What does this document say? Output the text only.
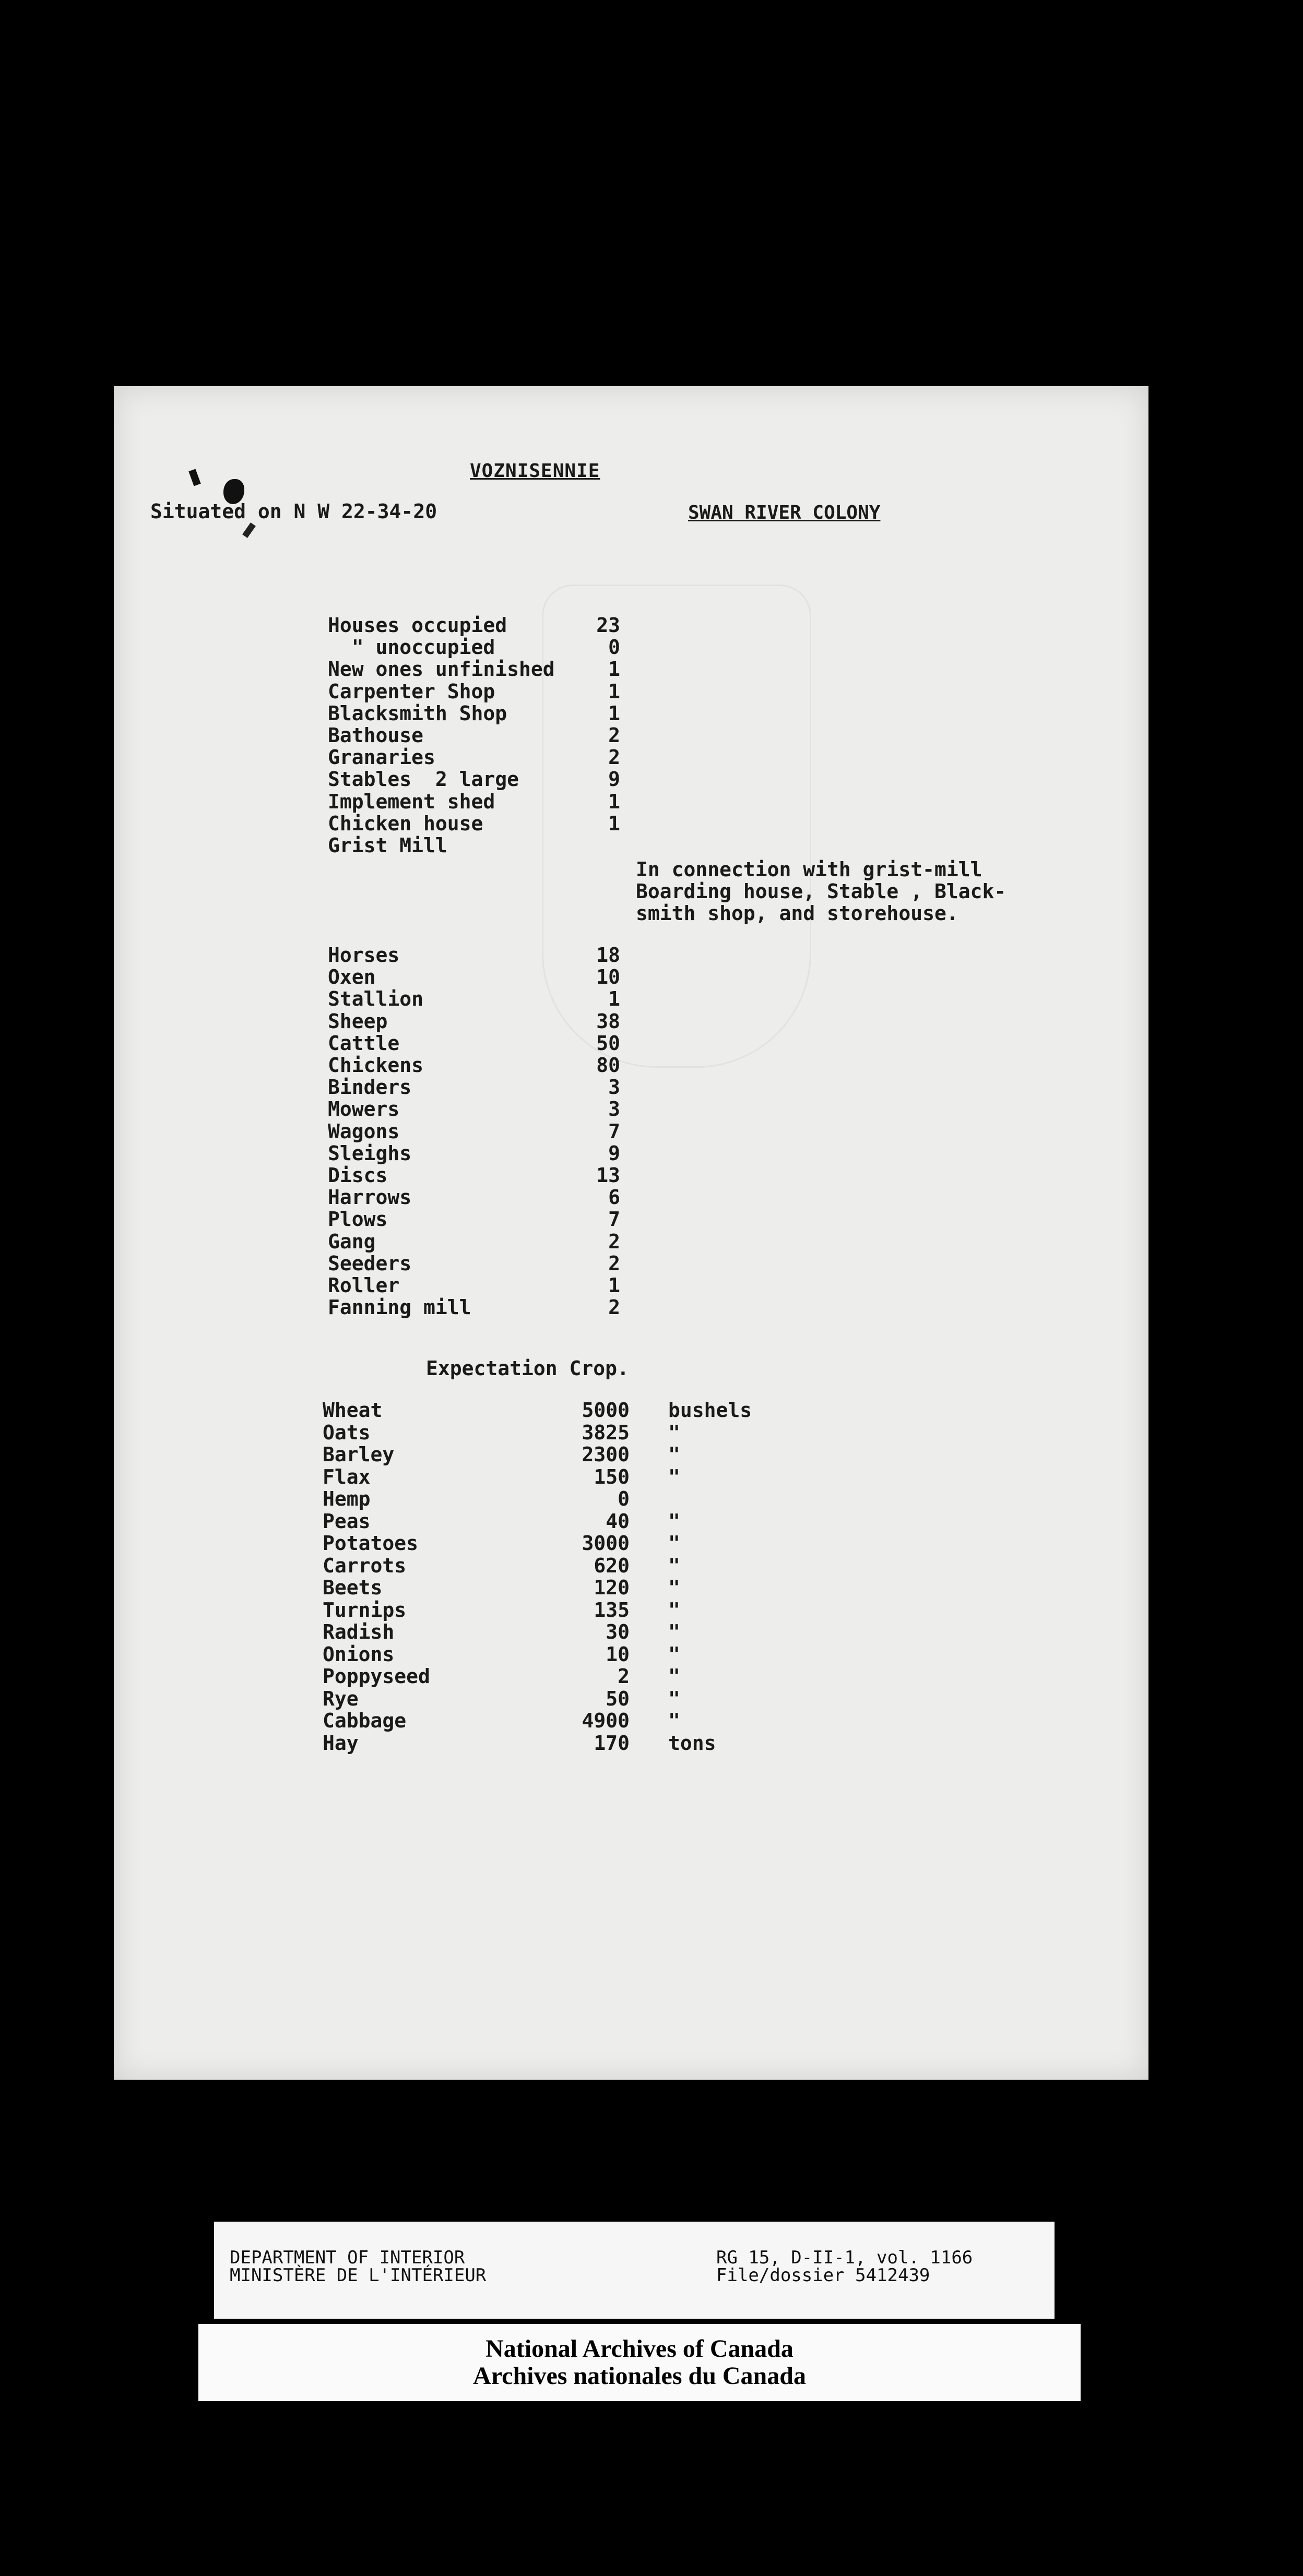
VOZNISENNIE
Situated on N W 22-34-20	SWAN RIVER COLONY
Houses occupied	23
" unoccupied	0
New ones unfinished	1
Carpenter Shop	1
Blacksmith Shop	1
Bathouse	2
Granaries	2
Stables  2 large	9
Implement shed	1
Chicken house	1
Grist Mill
In connection with grist-mill
Boarding house, Stable , Black-
smith shop, and storehouse.
Horses	18
Oxen	10
Stallion	1
Sheep	38
Cattle	50
Chickens	80
Binders	3
Mowers	3
Wagons	7
Sleighs	9
Discs	13
Harrows	6
Plows	7
Gang	2
Seeders	2
Roller	1
Fanning mill	2
Expectation Crop.
Wheat	5000 bushels
Oats	3825 "
Barley	2300 "
Flax	150 "
Hemp	0
Peas	40 "
Potatoes	3000 "
Carrots	620 "
Beets	120 "
Turnips	135 "
Radish	30 "
Onions	10 "
Poppyseed	2 "
Rye	50 "
Cabbage	4900 "
Hay	170 tons
DEPARTMENT OF INTERIOR
MINISTÈRE DE L'INTÉRIEUR
RG 15, D-II-1, vol. 1166
File/dossier 5412439
National Archives of Canada
Archives nationales du Canada
